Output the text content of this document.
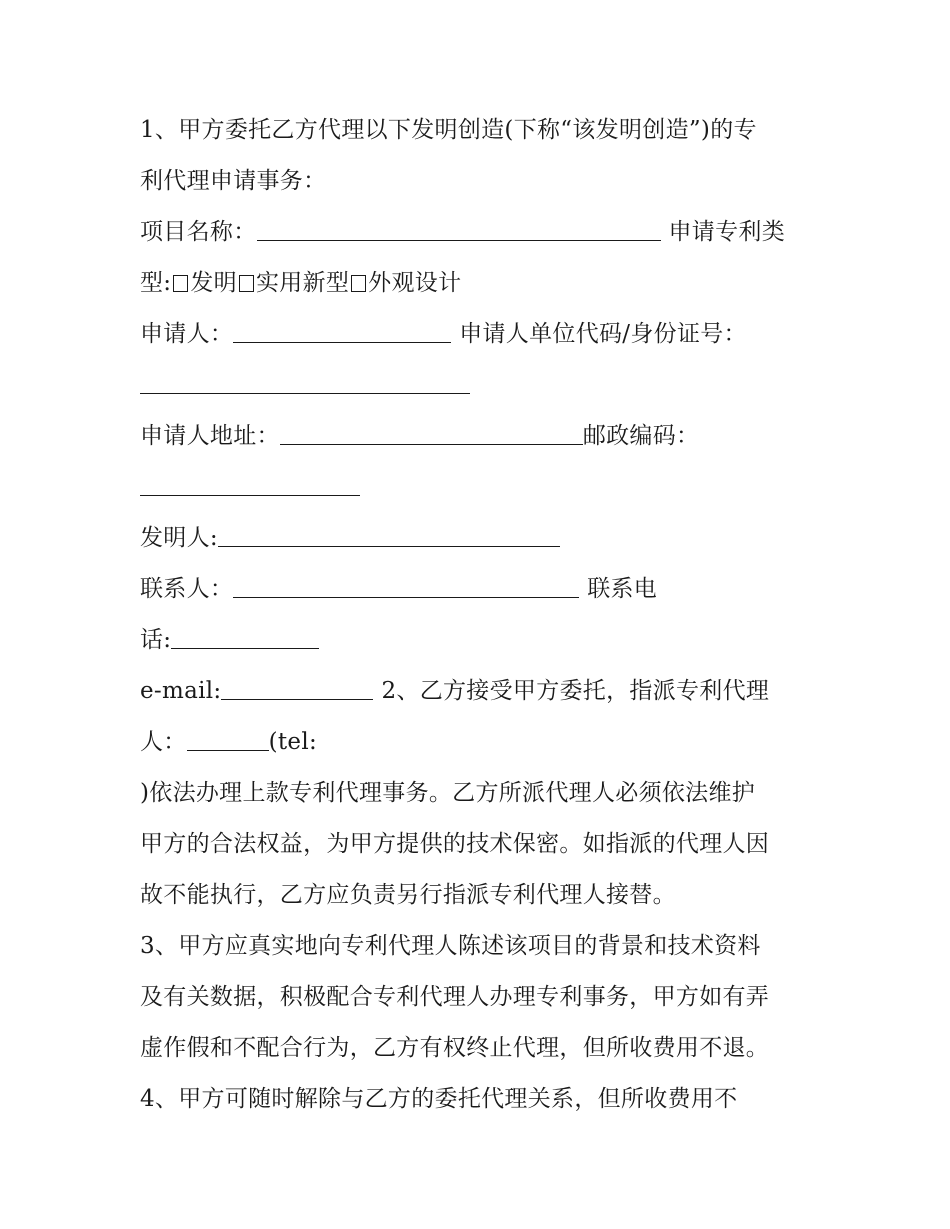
1、甲方委托乙方代理以下发明创造(下称“该发明创造”)的专
利代理申请事务：
项目名称：	申请专利类
型: 发明 实用新型 外观设计
申请人：	申请人单位代码/身份证号：
申请人地址：	邮政编码：
发明人:
联系人：	联系电
话:
e-mail:	2、乙方接受甲方委托，指派专利代理
人：	(tel:
)依法办理上款专利代理事务。乙方所派代理人必须依法维护
甲方的合法权益，为甲方提供的技术保密。如指派的代理人因
故不能执行，乙方应负责另行指派专利代理人接替。
3、甲方应真实地向专利代理人陈述该项目的背景和技术资料
及有关数据，积极配合专利代理人办理专利事务，甲方如有弄
虚作假和不配合行为，乙方有权终止代理，但所收费用不退。
4、甲方可随时解除与乙方的委托代理关系，但所收费用不
